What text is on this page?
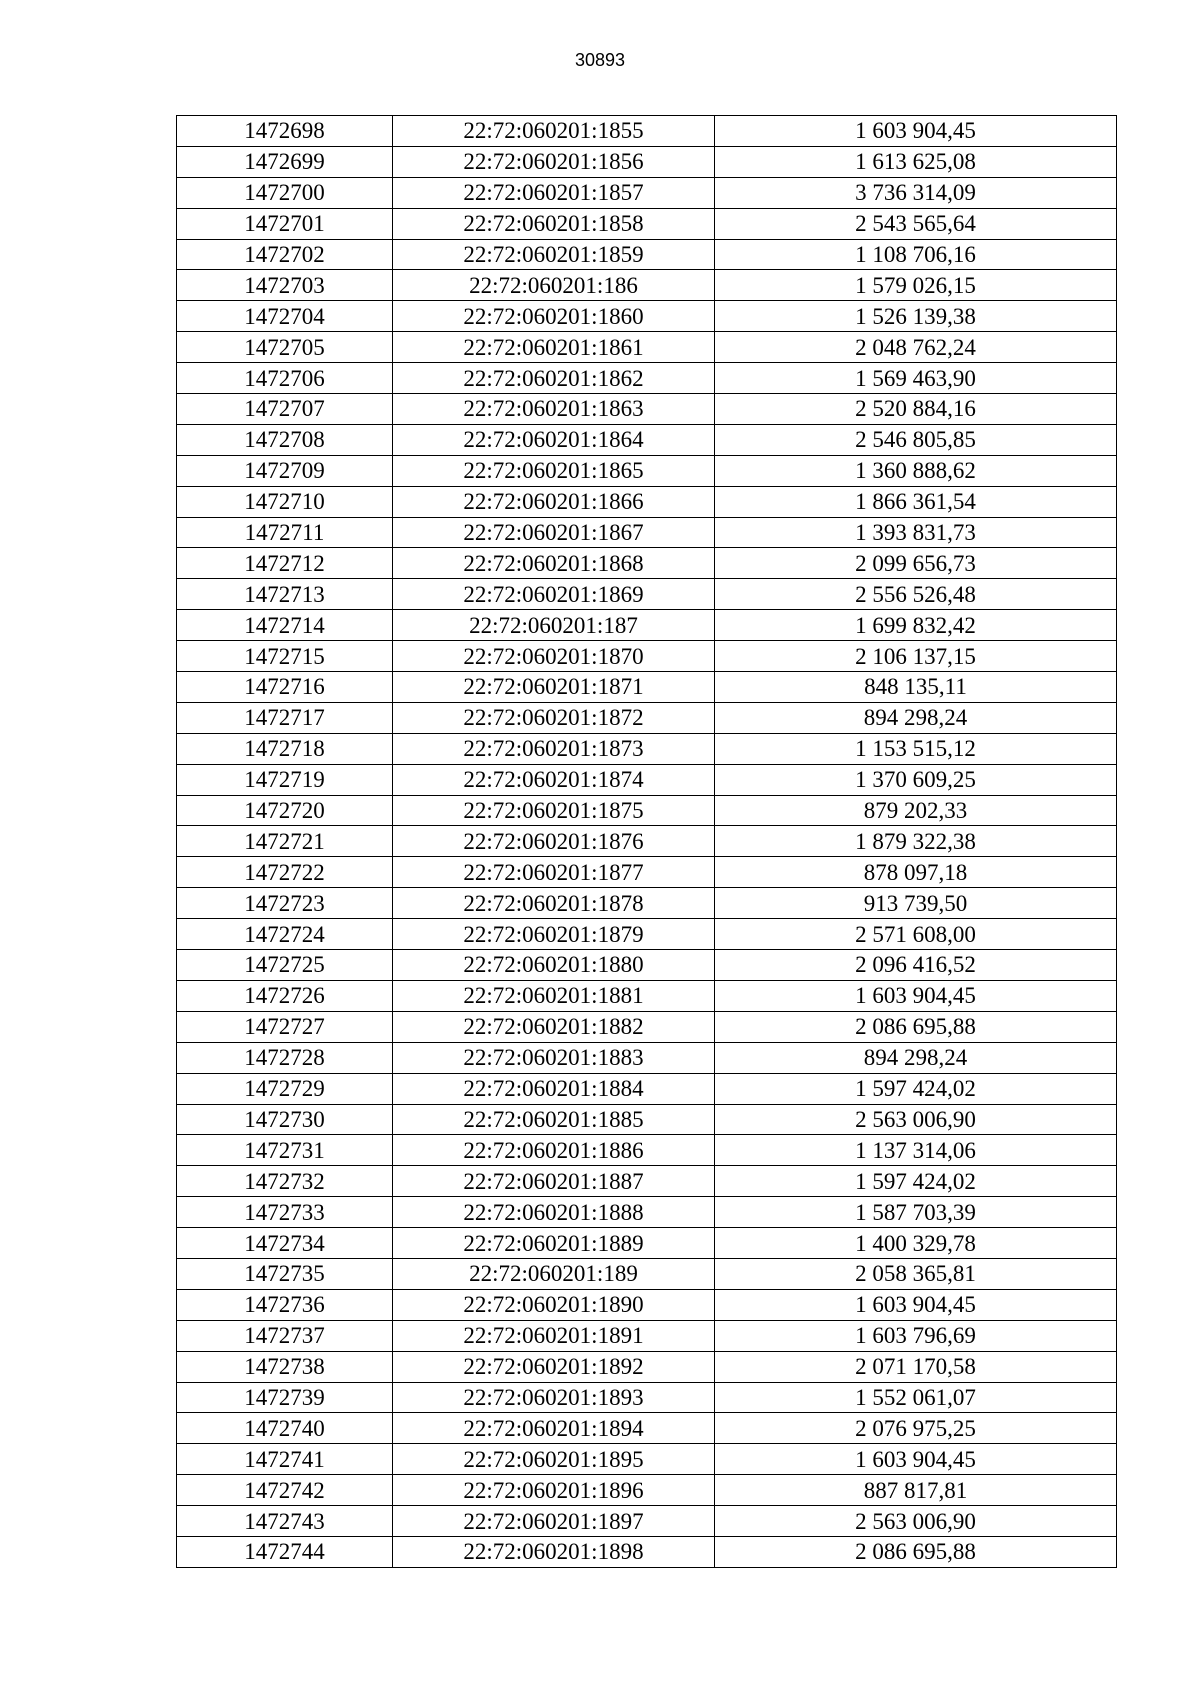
30893
1472698	22:72:060201:1855	1 603 904,45
1472699	22:72:060201:1856	1 613 625,08
1472700	22:72:060201:1857	3 736 314,09
1472701	22:72:060201:1858	2 543 565,64
1472702	22:72:060201:1859	1 108 706,16
1472703	22:72:060201:186	1 579 026,15
1472704	22:72:060201:1860	1 526 139,38
1472705	22:72:060201:1861	2 048 762,24
1472706	22:72:060201:1862	1 569 463,90
1472707	22:72:060201:1863	2 520 884,16
1472708	22:72:060201:1864	2 546 805,85
1472709	22:72:060201:1865	1 360 888,62
1472710	22:72:060201:1866	1 866 361,54
1472711	22:72:060201:1867	1 393 831,73
1472712	22:72:060201:1868	2 099 656,73
1472713	22:72:060201:1869	2 556 526,48
1472714	22:72:060201:187	1 699 832,42
1472715	22:72:060201:1870	2 106 137,15
1472716	22:72:060201:1871	848 135,11
1472717	22:72:060201:1872	894 298,24
1472718	22:72:060201:1873	1 153 515,12
1472719	22:72:060201:1874	1 370 609,25
1472720	22:72:060201:1875	879 202,33
1472721	22:72:060201:1876	1 879 322,38
1472722	22:72:060201:1877	878 097,18
1472723	22:72:060201:1878	913 739,50
1472724	22:72:060201:1879	2 571 608,00
1472725	22:72:060201:1880	2 096 416,52
1472726	22:72:060201:1881	1 603 904,45
1472727	22:72:060201:1882	2 086 695,88
1472728	22:72:060201:1883	894 298,24
1472729	22:72:060201:1884	1 597 424,02
1472730	22:72:060201:1885	2 563 006,90
1472731	22:72:060201:1886	1 137 314,06
1472732	22:72:060201:1887	1 597 424,02
1472733	22:72:060201:1888	1 587 703,39
1472734	22:72:060201:1889	1 400 329,78
1472735	22:72:060201:189	2 058 365,81
1472736	22:72:060201:1890	1 603 904,45
1472737	22:72:060201:1891	1 603 796,69
1472738	22:72:060201:1892	2 071 170,58
1472739	22:72:060201:1893	1 552 061,07
1472740	22:72:060201:1894	2 076 975,25
1472741	22:72:060201:1895	1 603 904,45
1472742	22:72:060201:1896	887 817,81
1472743	22:72:060201:1897	2 563 006,90
1472744	22:72:060201:1898	2 086 695,88
